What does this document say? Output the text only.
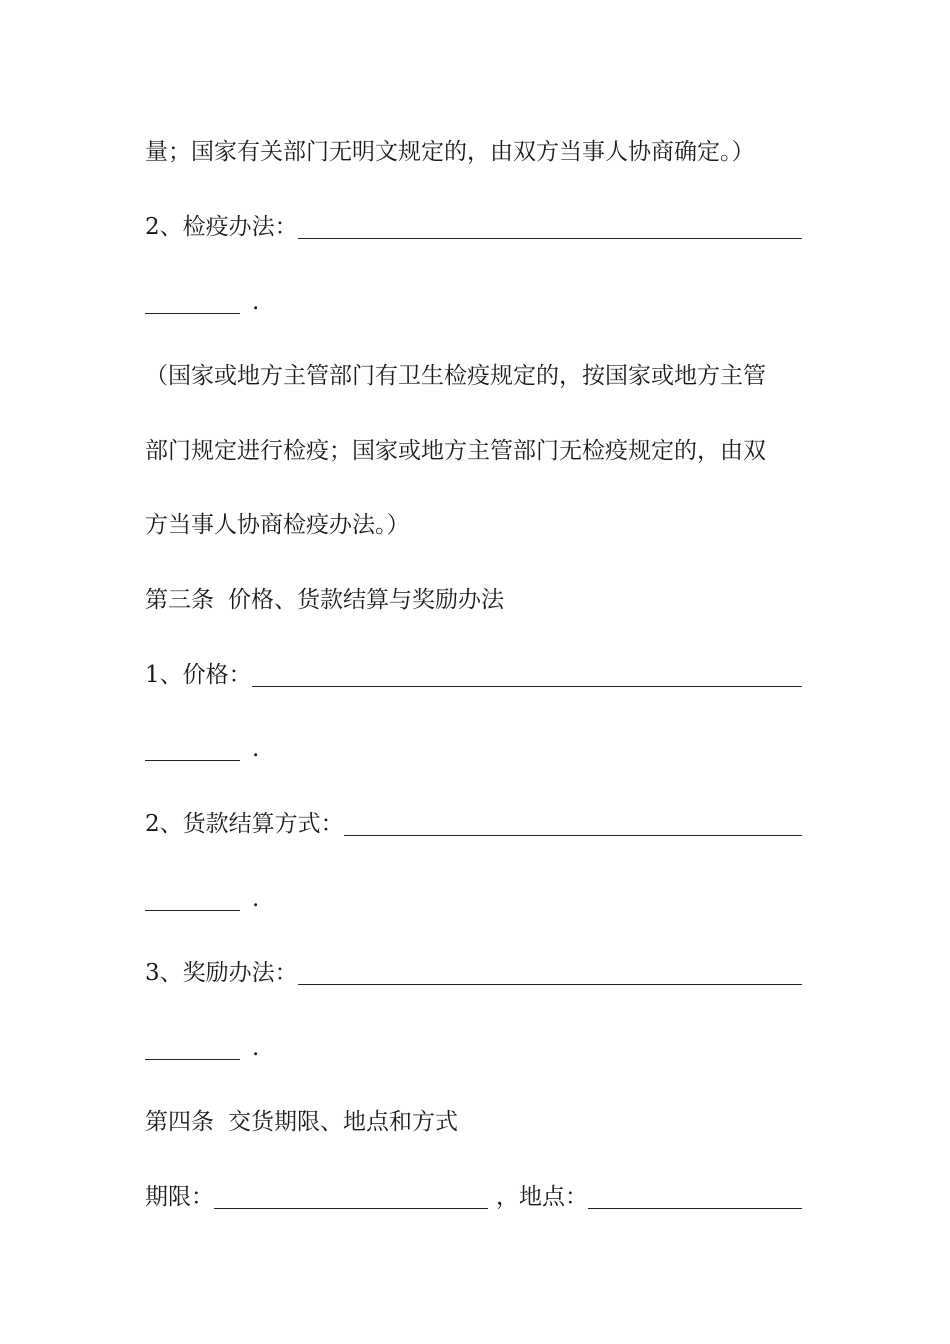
量；国家有关部门无明文规定的，由双方当事人协商确定。）
2、检疫办法：
.
（国家或地方主管部门有卫生检疫规定的，按国家或地方主管
部门规定进行检疫；国家或地方主管部门无检疫规定的，由双
方当事人协商检疫办法。）
第三条 价格、货款结算与奖励办法
1、价格：
.
2、货款结算方式：
.
3、奖励办法：
.
第四条 交货期限、地点和方式
期限：	，地点：
